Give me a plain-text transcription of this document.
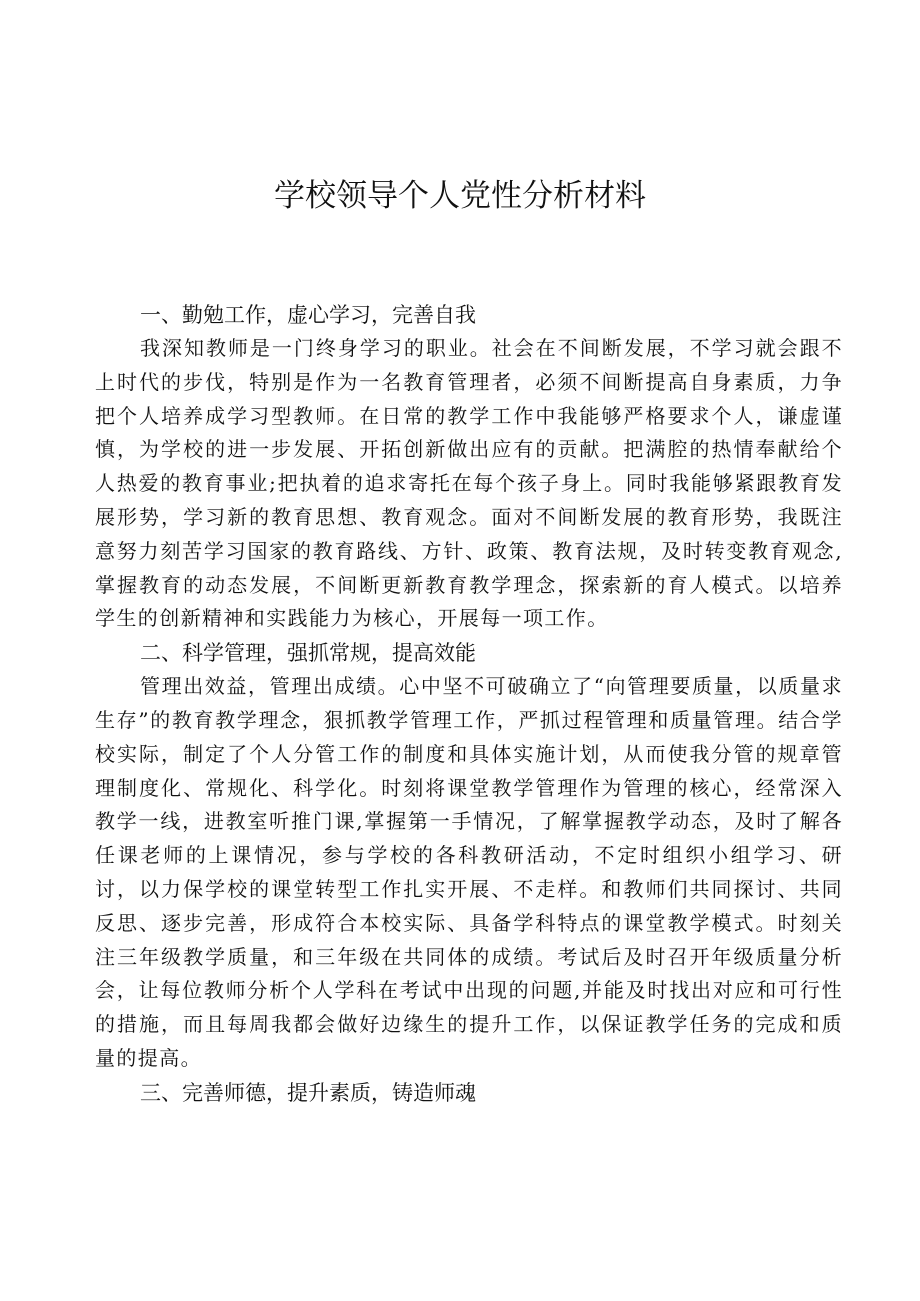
学校领导个人党性分析材料
一、勤勉工作，虚心学习，完善自我

我深知教师是一门终身学习的职业。社会在不间断发展，不学习就会跟不上时代的步伐，特别是作为一名教育管理者，必须不间断提高自身素质，力争把个人培养成学习型教师。在日常的教学工作中我能够严格要求个人，谦虚谨慎，为学校的进一步发展、开拓创新做出应有的贡献。把满腔的热情奉献给个人热爱的教育事业;把执着的追求寄托在每个孩子身上。同时我能够紧跟教育发展形势，学习新的教育思想、教育观念。面对不间断发展的教育形势，我既注意努力刻苦学习国家的教育路线、方针、政策、教育法规，及时转变教育观念,掌握教育的动态发展，不间断更新教育教学理念，探索新的育人模式。以培养学生的创新精神和实践能力为核心，开展每一项工作。

二、科学管理，强抓常规，提高效能

管理出效益，管理出成绩。心中坚不可破确立了“向管理要质量，以质量求生存”的教育教学理念，狠抓教学管理工作，严抓过程管理和质量管理。结合学校实际，制定了个人分管工作的制度和具体实施计划，从而使我分管的规章管理制度化、常规化、科学化。时刻将课堂教学管理作为管理的核心，经常深入教学一线，进教室听推门课,掌握第一手情况，了解掌握教学动态，及时了解各任课老师的上课情况，参与学校的各科教研活动，不定时组织小组学习、研讨，以力保学校的课堂转型工作扎实开展、不走样。和教师们共同探讨、共同反思、逐步完善，形成符合本校实际、具备学科特点的课堂教学模式。时刻关注三年级教学质量，和三年级在共同体的成绩。考试后及时召开年级质量分析会，让每位教师分析个人学科在考试中出现的问题,并能及时找出对应和可行性的措施，而且每周我都会做好边缘生的提升工作，以保证教学任务的完成和质量的提高。

三、完善师德，提升素质，铸造师魂
